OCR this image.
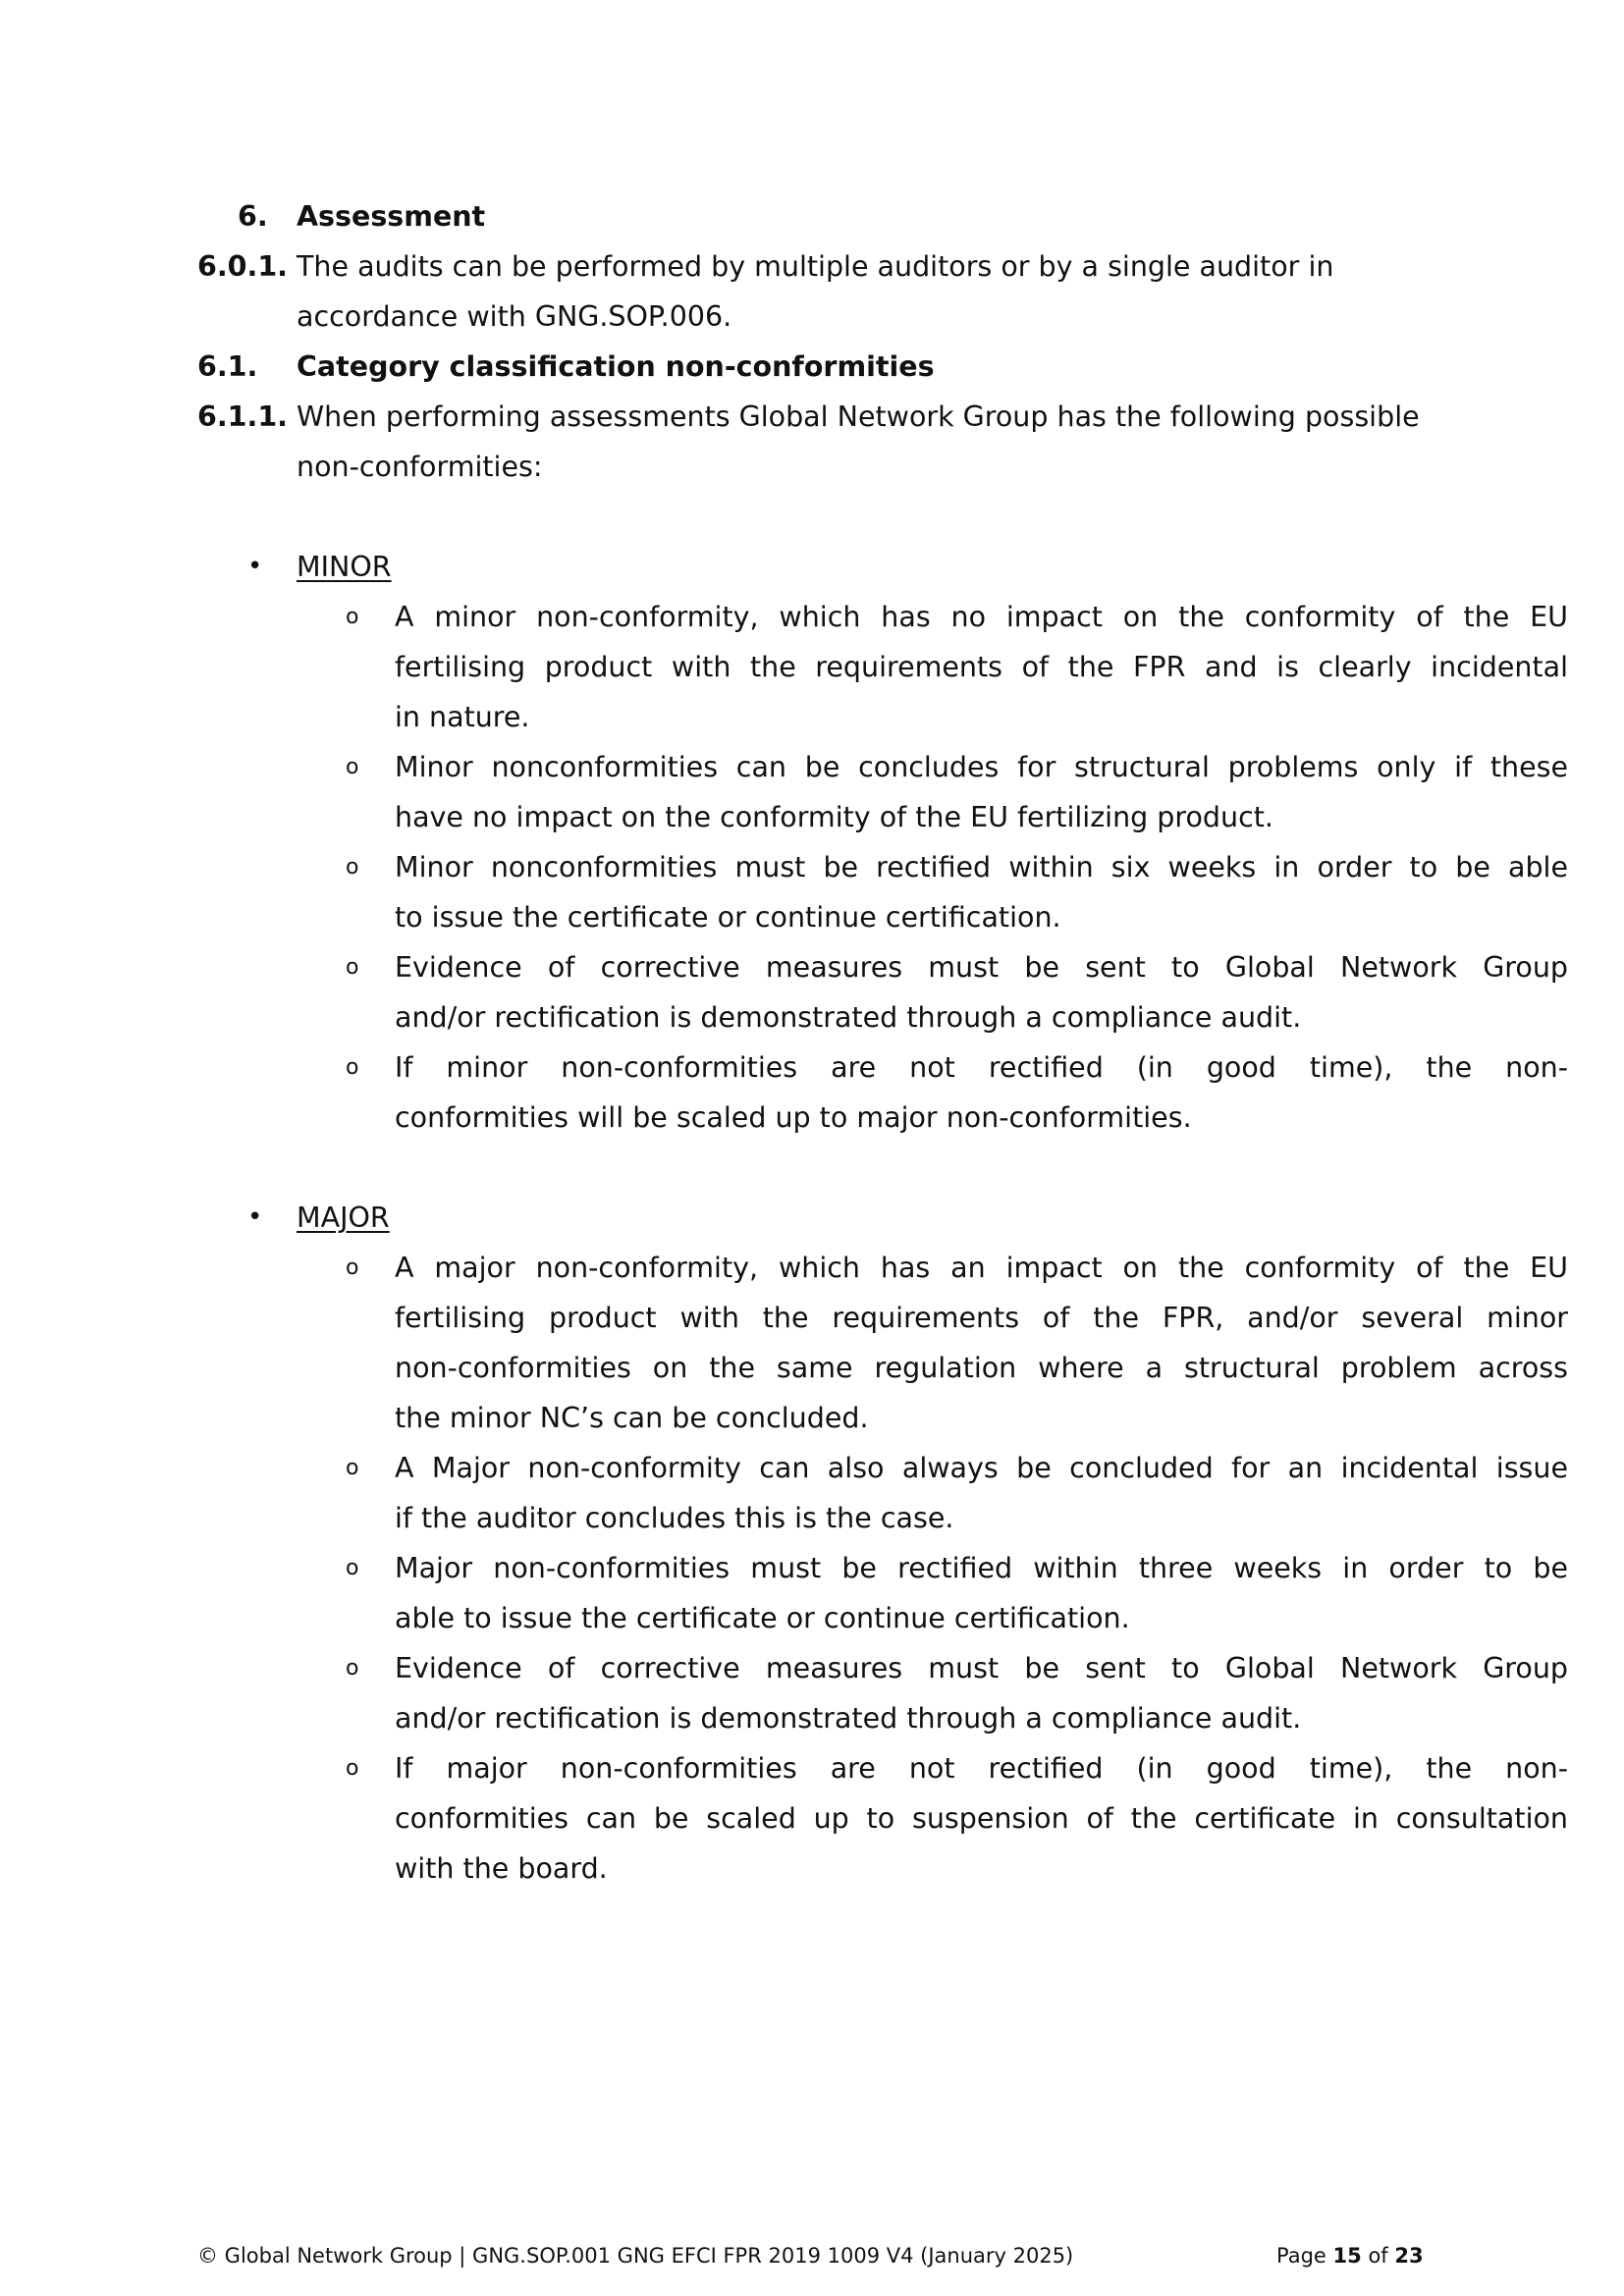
6. Assessment
6.0.1. The audits can be performed by multiple auditors or by a single auditor in
accordance with GNG.SOP.006.
6.1. Category classification non-conformities
6.1.1. When performing assessments Global Network Group has the following possible
non-conformities:
• MINOR
o A minor non-conformity, which has no impact on the conformity of the EU
fertilising product with the requirements of the FPR and is clearly incidental
in nature.
o Minor nonconformities can be concludes for structural problems only if these
have no impact on the conformity of the EU fertilizing product.
o Minor nonconformities must be rectified within six weeks in order to be able
to issue the certificate or continue certification.
o Evidence of corrective measures must be sent to Global Network Group
and/or rectification is demonstrated through a compliance audit.
o If minor non-conformities are not rectified (in good time), the non-
conformities will be scaled up to major non-conformities.
• MAJOR
o A major non-conformity, which has an impact on the conformity of the EU
fertilising product with the requirements of the FPR, and/or several minor
non-conformities on the same regulation where a structural problem across
the minor NC’s can be concluded.
o A Major non-conformity can also always be concluded for an incidental issue
if the auditor concludes this is the case.
o Major non-conformities must be rectified within three weeks in order to be
able to issue the certificate or continue certification.
o Evidence of corrective measures must be sent to Global Network Group
and/or rectification is demonstrated through a compliance audit.
o If major non-conformities are not rectified (in good time), the non-
conformities can be scaled up to suspension of the certificate in consultation
with the board.
© Global Network Group | GNG.SOP.001 GNG EFCI FPR 2019 1009 V4 (January 2025)	Page 15 of 23
